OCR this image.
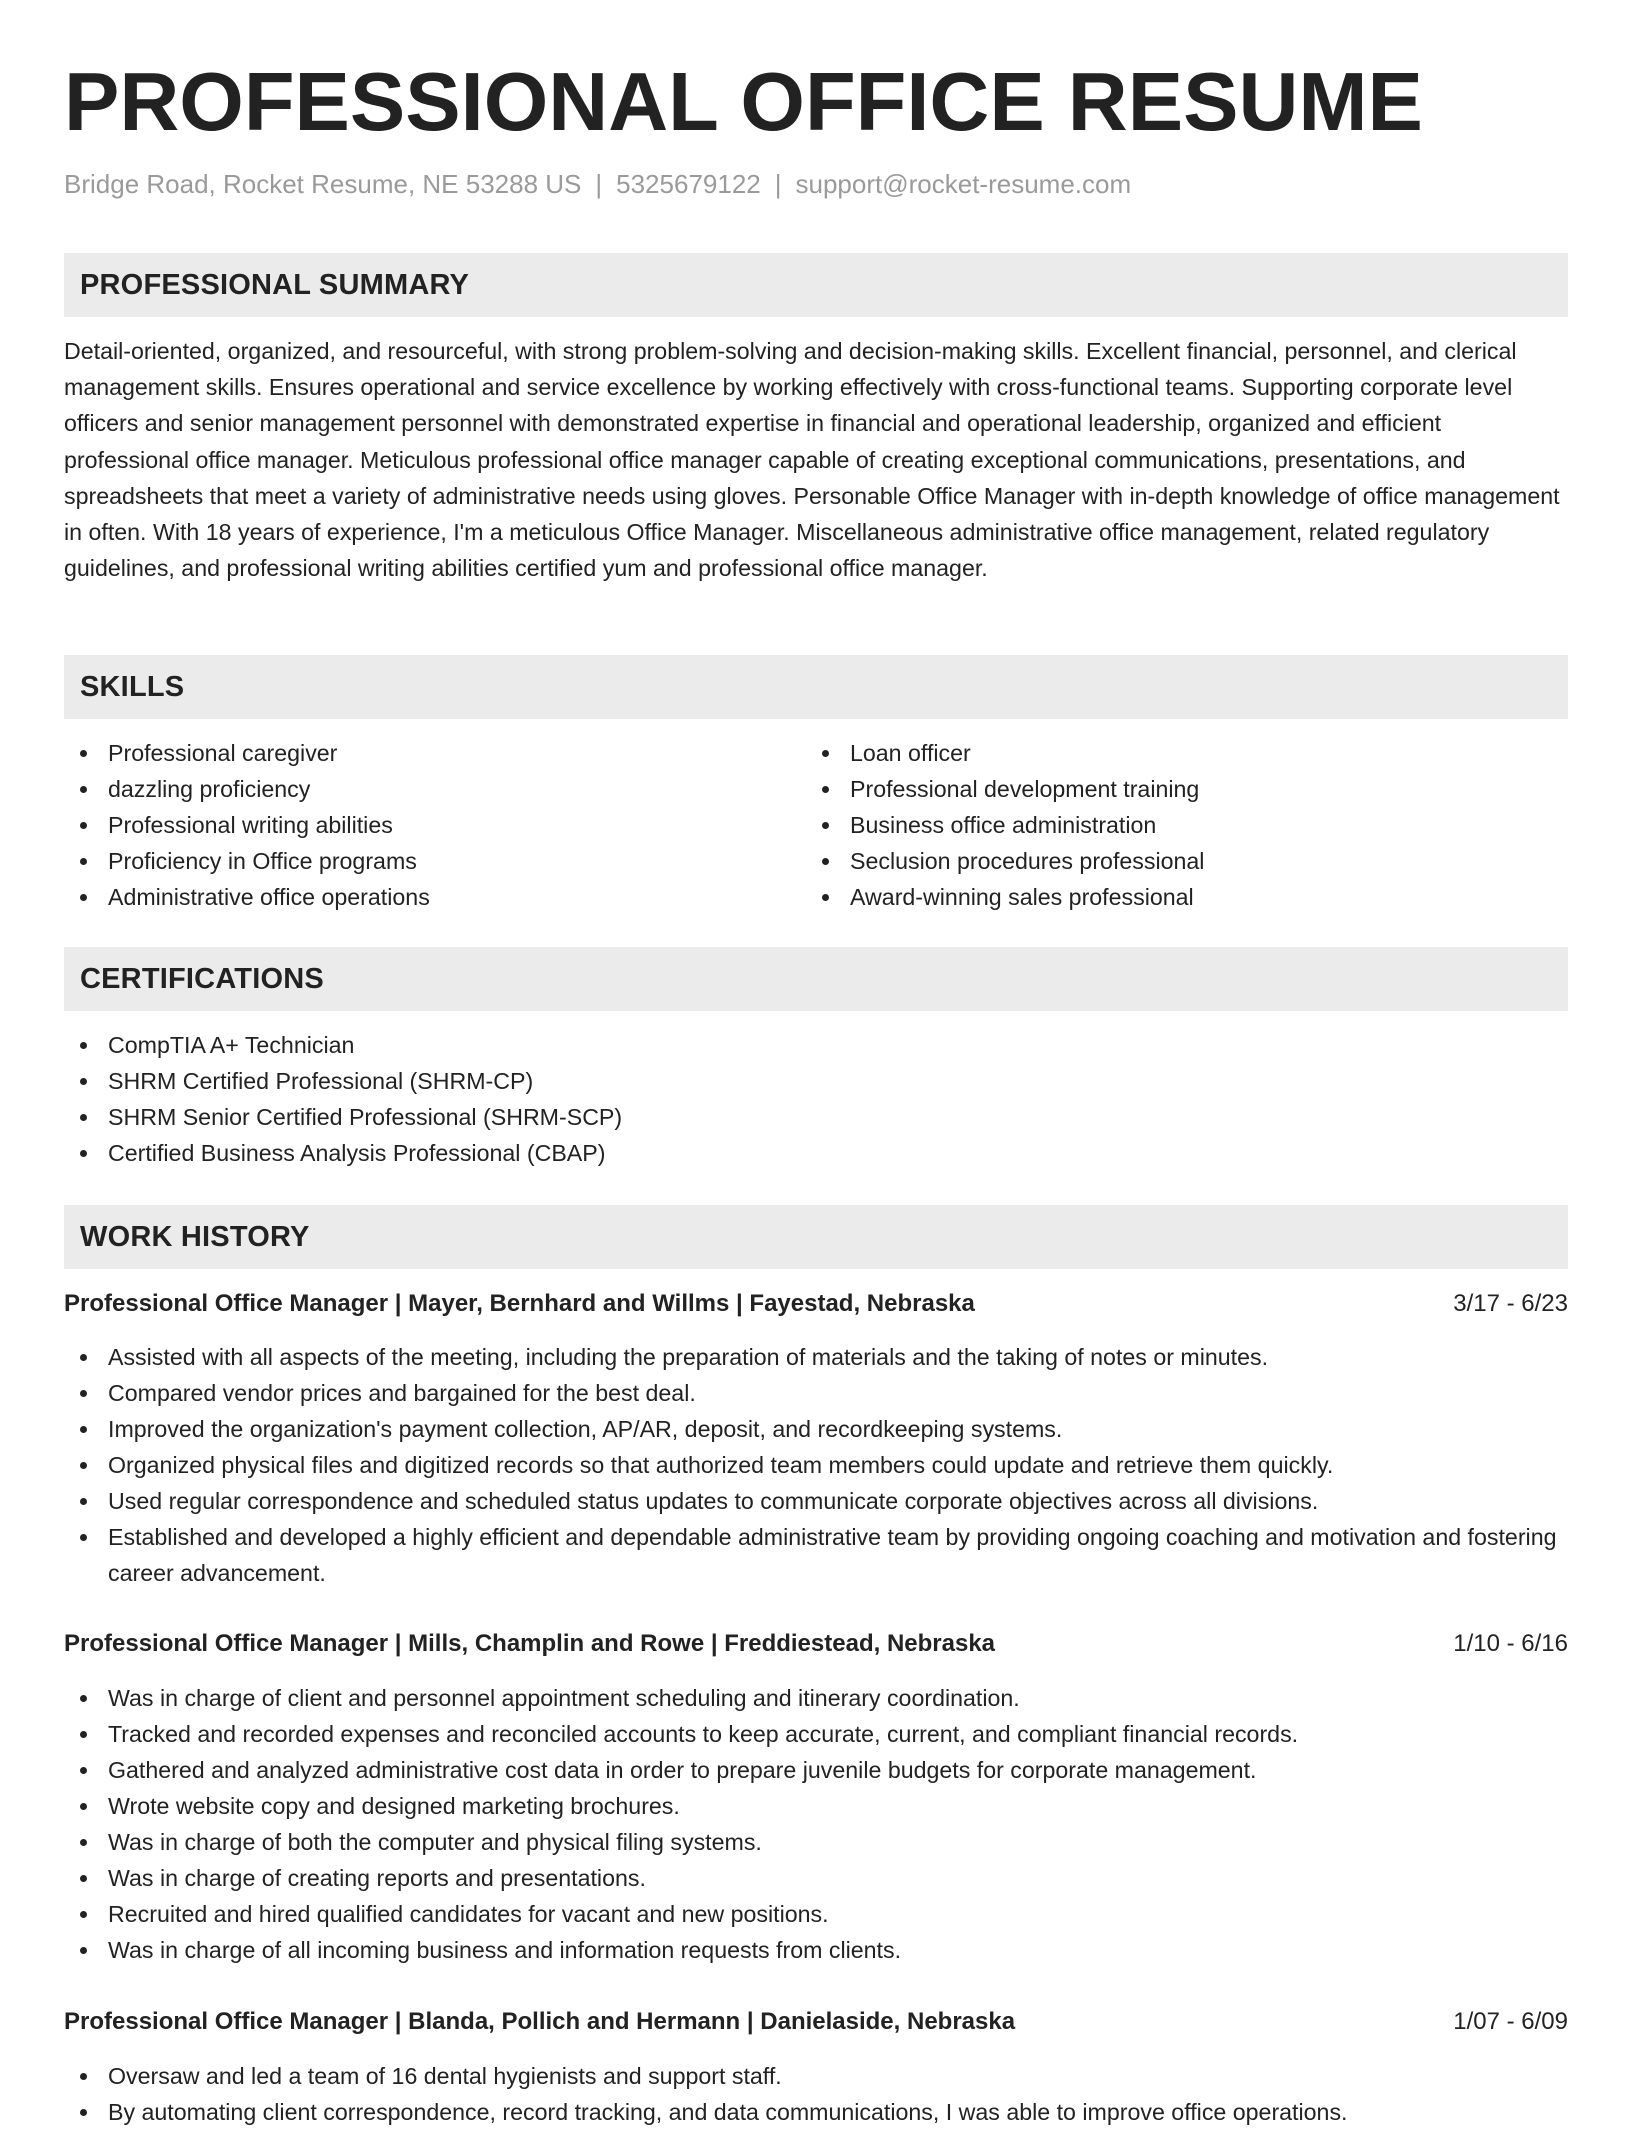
PROFESSIONAL OFFICE RESUME
Bridge Road, Rocket Resume, NE 53288 US | 5325679122 | support@rocket-resume.com
PROFESSIONAL SUMMARY

Detail-oriented, organized, and resourceful, with strong problem-solving and decision-making skills. Excellent financial, personnel, and clerical management skills. Ensures operational and service excellence by working effectively with cross-functional teams. Supporting corporate level officers and senior management personnel with demonstrated expertise in financial and operational leadership, organized and efficient professional office manager. Meticulous professional office manager capable of creating exceptional communications, presentations, and spreadsheets that meet a variety of administrative needs using gloves. Personable Office Manager with in-depth knowledge of office management in often. With 18 years of experience, I'm a meticulous Office Manager. Miscellaneous administrative office management, related regulatory guidelines, and professional writing abilities certified yum and professional office manager.

SKILLS
Professional caregiver
dazzling proficiency
Professional writing abilities
Proficiency in Office programs
Administrative office operations
Loan officer
Professional development training
Business office administration
Seclusion procedures professional
Award-winning sales professional
CERTIFICATIONS
CompTIA A+ Technician
SHRM Certified Professional (SHRM-CP)
SHRM Senior Certified Professional (SHRM-SCP)
Certified Business Analysis Professional (CBAP)
WORK HISTORY
Professional Office Manager | Mayer, Bernhard and Willms | Fayestad, Nebraska	3/17 - 6/23
Assisted with all aspects of the meeting, including the preparation of materials and the taking of notes or minutes.
Compared vendor prices and bargained for the best deal.
Improved the organization's payment collection, AP/AR, deposit, and recordkeeping systems.
Organized physical files and digitized records so that authorized team members could update and retrieve them quickly.
Used regular correspondence and scheduled status updates to communicate corporate objectives across all divisions.
Established and developed a highly efficient and dependable administrative team by providing ongoing coaching and motivation and fostering career advancement.
Professional Office Manager | Mills, Champlin and Rowe | Freddiestead, Nebraska	1/10 - 6/16
Was in charge of client and personnel appointment scheduling and itinerary coordination.
Tracked and recorded expenses and reconciled accounts to keep accurate, current, and compliant financial records.
Gathered and analyzed administrative cost data in order to prepare juvenile budgets for corporate management.
Wrote website copy and designed marketing brochures.
Was in charge of both the computer and physical filing systems.
Was in charge of creating reports and presentations.
Recruited and hired qualified candidates for vacant and new positions.
Was in charge of all incoming business and information requests from clients.
Professional Office Manager | Blanda, Pollich and Hermann | Danielaside, Nebraska	1/07 - 6/09
Oversaw and led a team of 16 dental hygienists and support staff.
By automating client correspondence, record tracking, and data communications, I was able to improve office operations.
